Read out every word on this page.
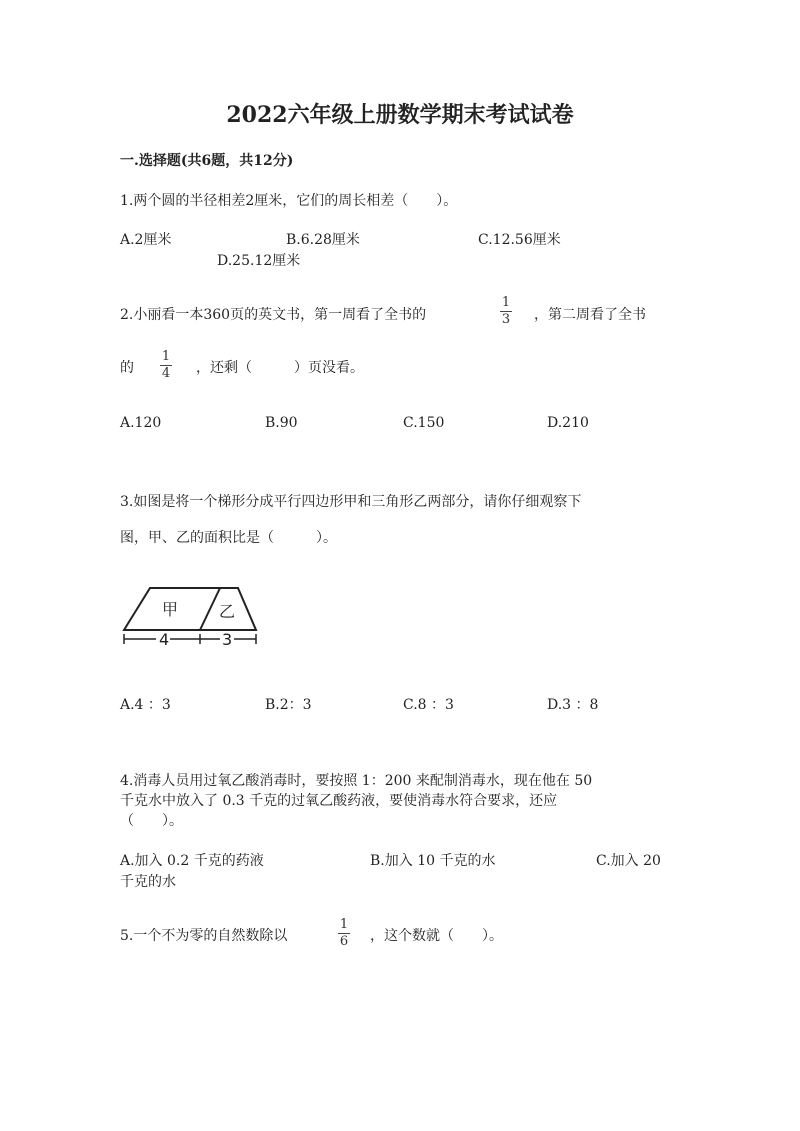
2022六年级上册数学期末考试试卷
一.选择题(共6题，共12分)
1.两个圆的半径相差2厘米，它们的周长相差（　　）。
A.2厘米	B.6.28厘米	C.12.56厘米
D.25.12厘米
2.小丽看一本360页的英文书，第一周看了全书的
1
3 ，第二周看了全书
的
1
4 ，还剩（　　　）页没看。
A.120	B.90	C.150	D.210
3.如图是将一个梯形分成平行四边形甲和三角形乙两部分，请你仔细观察下
图，甲、乙的面积比是（　　　）。
甲	乙
4	3
A.4 ：3	B.2：3	C.8 ：3	D.3 ：8
4.消毒人员用过氧乙酸消毒时，要按照 1：200 来配制消毒水，现在他在 50
千克水中放入了 0.3 千克的过氧乙酸药液，要使消毒水符合要求，还应
（　　）。
A.加入 0.2 千克的药液	B.加入 10 千克的水	C.加入 20
千克的水
5.一个不为零的自然数除以
1
6 ，这个数就（　　）。
